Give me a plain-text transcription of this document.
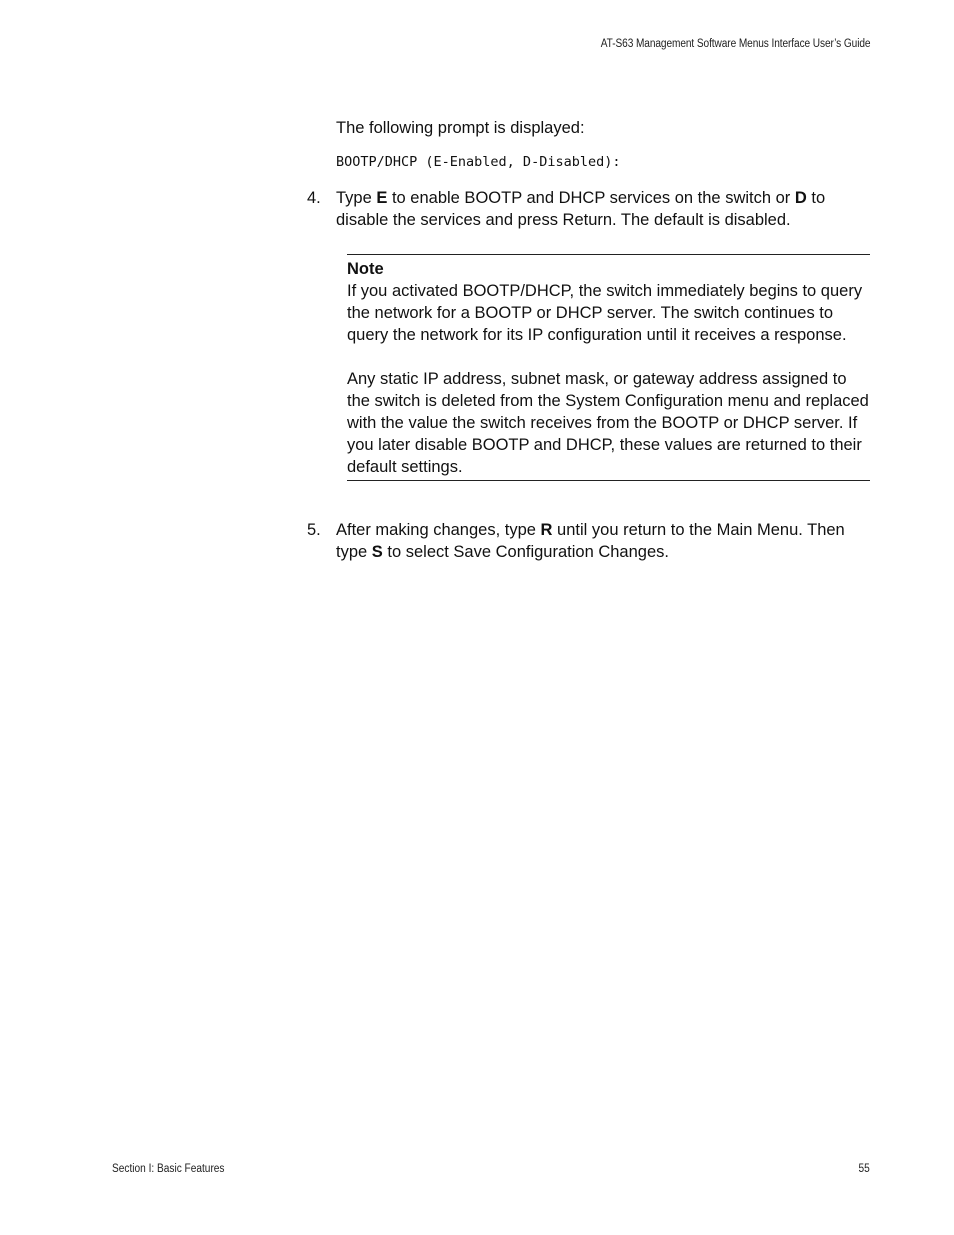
AT-S63 Management Software Menus Interface User’s Guide
The following prompt is displayed:
BOOTP/DHCP (E-Enabled, D-Disabled):
4. Type E to enable BOOTP and DHCP services on the switch or D to disable the services and press Return. The default is disabled.
Note

If you activated BOOTP/DHCP, the switch immediately begins to query the network for a BOOTP or DHCP server. The switch continues to query the network for its IP configuration until it receives a response.

Any static IP address, subnet mask, or gateway address assigned to the switch is deleted from the System Configuration menu and replaced with the value the switch receives from the BOOTP or DHCP server. If you later disable BOOTP and DHCP, these values are returned to their default settings.

5. After making changes, type R until you return to the Main Menu. Then type S to select Save Configuration Changes.
Section I: Basic Features	55
